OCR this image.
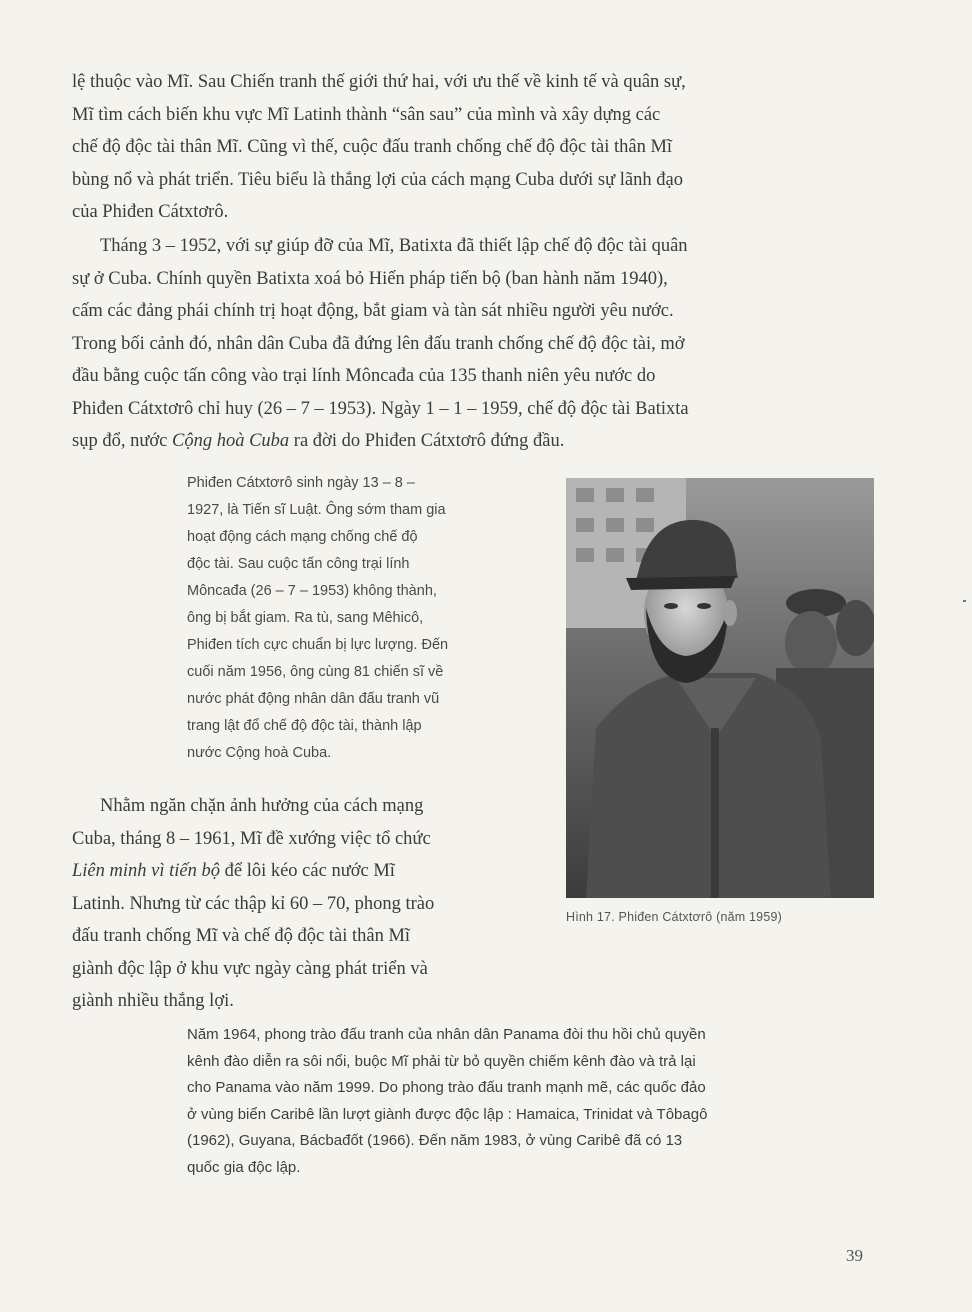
lệ thuộc vào Mĩ. Sau Chiến tranh thế giới thứ hai, với ưu thế về kinh tế và quân sự,
Mĩ tìm cách biến khu vực Mĩ Latinh thành “sân sau” của mình và xây dựng các
chế độ độc tài thân Mĩ. Cũng vì thế, cuộc đấu tranh chống chế độ độc tài thân Mĩ
bùng nổ và phát triển. Tiêu biểu là thắng lợi của cách mạng Cuba dưới sự lãnh đạo
của Phiđen Cátxtơrô.
Tháng 3 – 1952, với sự giúp đỡ của Mĩ, Batixta đã thiết lập chế độ độc tài quân
sự ở Cuba. Chính quyền Batixta xoá bỏ Hiến pháp tiến bộ (ban hành năm 1940),
cấm các đảng phái chính trị hoạt động, bắt giam và tàn sát nhiều người yêu nước.
Trong bối cảnh đó, nhân dân Cuba đã đứng lên đấu tranh chống chế độ độc tài, mở
đầu bằng cuộc tấn công vào trại lính Môncađa của 135 thanh niên yêu nước do
Phiđen Cátxtơrô chỉ huy (26 – 7 – 1953). Ngày 1 – 1 – 1959, chế độ độc tài Batixta
sụp đổ, nước Cộng hoà Cuba ra đời do Phiđen Cátxtơrô đứng đầu.
Phiđen Cátxtơrô sinh ngày 13 – 8 –
1927, là Tiến sĩ Luật. Ông sớm tham gia
hoạt động cách mạng chống chế độ
độc tài. Sau cuộc tấn công trại lính
Môncađa (26 – 7 – 1953) không thành,
ông bị bắt giam. Ra tù, sang Mêhicô,
Phiđen tích cực chuẩn bị lực lượng. Đến
cuối năm 1956, ông cùng 81 chiến sĩ về
nước phát động nhân dân đấu tranh vũ
trang lật đổ chế độ độc tài, thành lập
nước Cộng hoà Cuba.
Hình 17. Phiđen Cátxtơrô (năm 1959)
Nhằm ngăn chặn ảnh hưởng của cách mạng
Cuba, tháng 8 – 1961, Mĩ đề xướng việc tổ chức
Liên minh vì tiến bộ để lôi kéo các nước Mĩ
Latinh. Nhưng từ các thập kỉ 60 – 70, phong trào
đấu tranh chống Mĩ và chế độ độc tài thân Mĩ
giành độc lập ở khu vực ngày càng phát triển và
giành nhiều thắng lợi.
Năm 1964, phong trào đấu tranh của nhân dân Panama đòi thu hồi chủ quyền
kênh đào diễn ra sôi nổi, buộc Mĩ phải từ bỏ quyền chiếm kênh đào và trả lại
cho Panama vào năm 1999. Do phong trào đấu tranh mạnh mẽ, các quốc đảo
ở vùng biển Caribê lần lượt giành được độc lập : Hamaica, Trinidat và Tôbagô
(1962), Guyana, Bácbađốt (1966). Đến năm 1983, ở vùng Caribê đã có 13
quốc gia độc lập.
39
